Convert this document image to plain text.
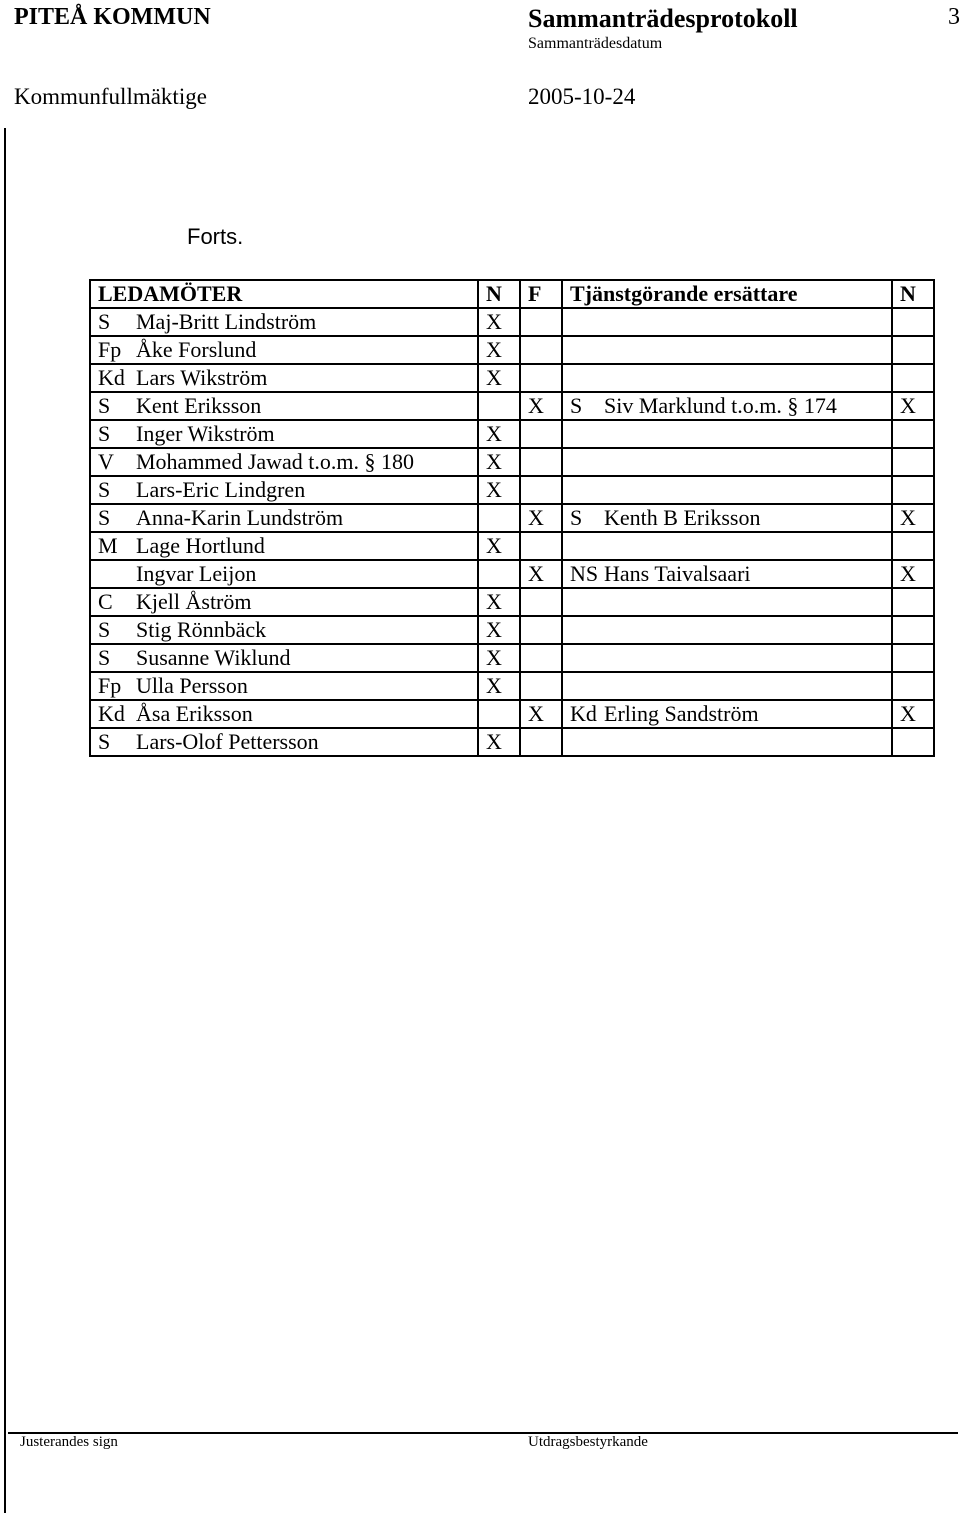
PITEÅ KOMMUN	Sammanträdesprotokoll	3
Sammanträdesdatum
Kommunfullmäktige	2005-10-24
Forts.
LEDAMÖTER	N	F	Tjänstgörande ersättare	N
S Maj-Britt Lindström	X			
Fp Åke Forslund	X			
Kd Lars Wikström	X			
S Kent Eriksson		X	S Siv Marklund t.o.m. § 174	X
S Inger Wikström	X			
V Mohammed Jawad t.o.m. § 180	X			
S Lars-Eric Lindgren	X			
S Anna-Karin Lundström		X	S Kenth B Eriksson	X
M Lage Hortlund	X			
Ingvar Leijon		X	NS Hans Taivalsaari	X
C Kjell Åström	X			
S Stig Rönnbäck	X			
S Susanne Wiklund	X			
Fp Ulla Persson	X			
Kd Åsa Eriksson		X	Kd Erling Sandström	X
S Lars-Olof Pettersson	X			
Justerandes sign	Utdragsbestyrkande
